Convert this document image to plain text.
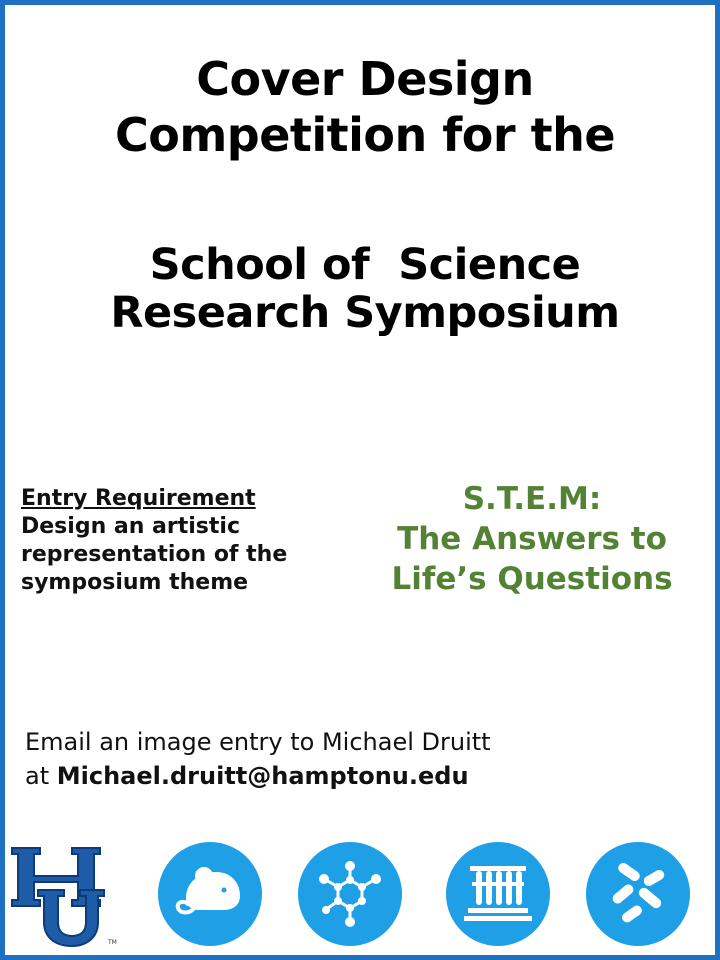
Cover Design
Competition for the
School of  Science
Research Symposium
Entry Requirement
Design an artistic
representation of the
symposium theme
S.T.E.M:
The Answers to
Life’s Questions
Email an image entry to Michael Druitt
at Michael.druitt@hamptonu.edu
TM
